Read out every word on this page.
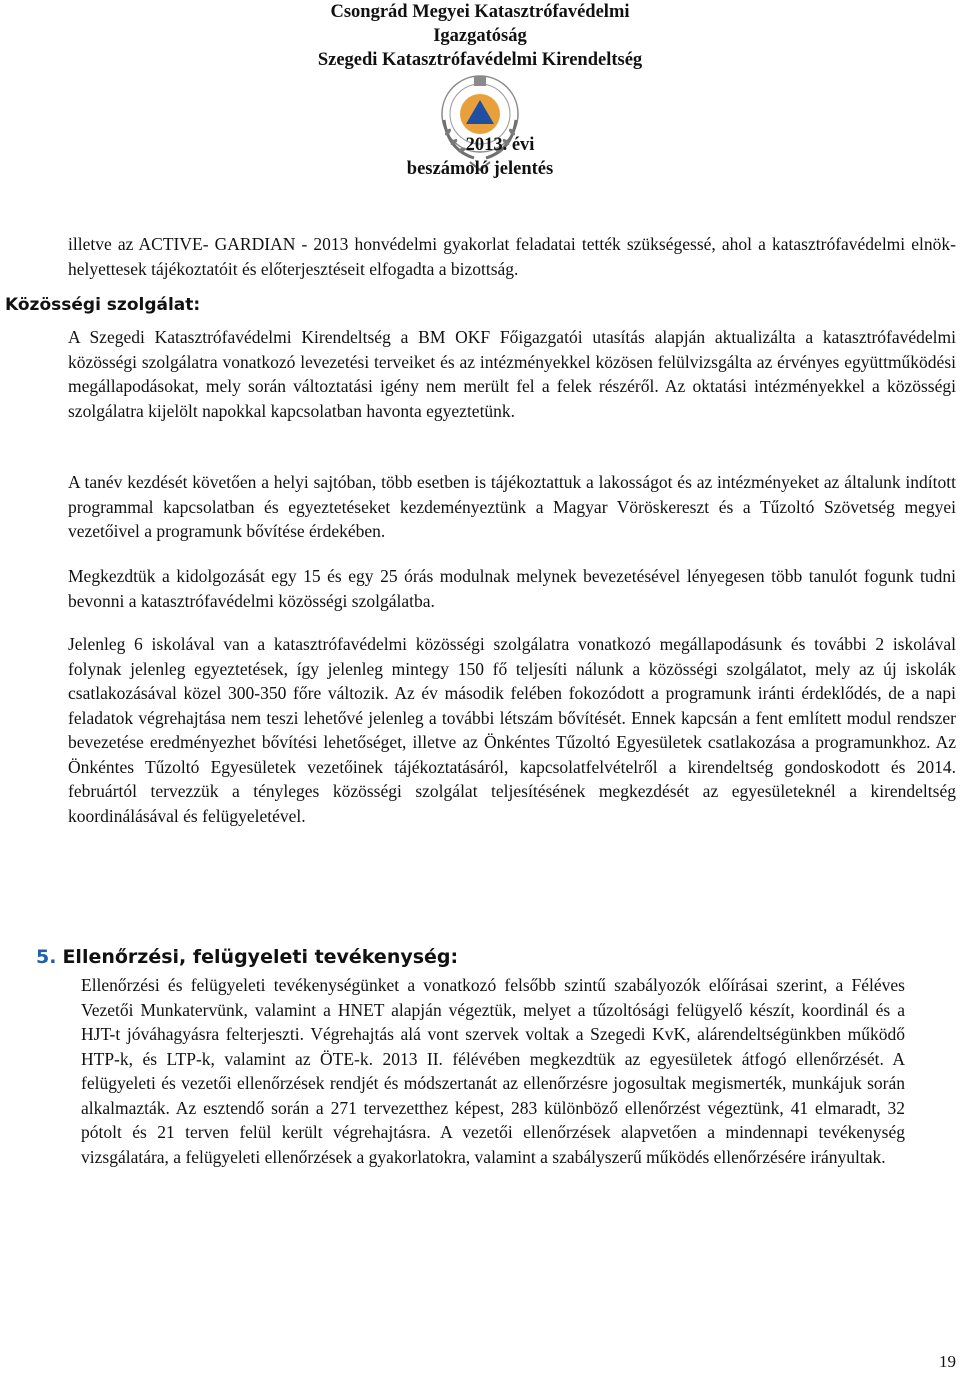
Csongrád Megyei Katasztrófavédelmi
Igazgatóság
Szegedi Katasztrófavédelmi Kirendeltség
2013. évi
beszámoló jelentés

illetve az ACTIVE- GARDIAN - 2013 honvédelmi gyakorlat feladatai tették szükségessé, ahol a katasztrófavédelmi elnök-helyettesek tájékoztatóit és előterjesztéseit elfogadta a bizottság.

Közösségi szolgálat:

A Szegedi Katasztrófavédelmi Kirendeltség a BM OKF Főigazgatói utasítás alapján aktualizálta a katasztrófavédelmi közösségi szolgálatra vonatkozó levezetési terveiket és az intézményekkel közösen felülvizsgálta az érvényes együttműködési megállapodásokat, mely során változtatási igény nem merült fel a felek részéről. Az oktatási intézményekkel a közösségi szolgálatra kijelölt napokkal kapcsolatban havonta egyeztetünk.

A tanév kezdését követően a helyi sajtóban, több esetben is tájékoztattuk a lakosságot és az intézményeket az általunk indított programmal kapcsolatban és egyeztetéseket kezdeményeztünk a Magyar Vöröskereszt és a Tűzoltó Szövetség megyei vezetőivel a programunk bővítése érdekében.

Megkezdtük a kidolgozását egy 15 és egy 25 órás modulnak melynek bevezetésével lényegesen több tanulót fogunk tudni bevonni a katasztrófavédelmi közösségi szolgálatba.

Jelenleg 6 iskolával van a katasztrófavédelmi közösségi szolgálatra vonatkozó megállapodásunk és további 2 iskolával folynak jelenleg egyeztetések, így jelenleg mintegy 150 fő teljesíti nálunk a közösségi szolgálatot, mely az új iskolák csatlakozásával közel 300-350 főre változik. Az év második felében fokozódott a programunk iránti érdeklődés, de a napi feladatok végrehajtása nem teszi lehetővé jelenleg a további létszám bővítését. Ennek kapcsán a fent említett modul rendszer bevezetése eredményezhet bővítési lehetőséget, illetve az Önkéntes Tűzoltó Egyesületek csatlakozása a programunkhoz. Az Önkéntes Tűzoltó Egyesületek vezetőinek tájékoztatásáról, kapcsolatfelvételről a kirendeltség gondoskodott és 2014. februártól tervezzük a tényleges közösségi szolgálat teljesítésének megkezdését az egyesületeknél a kirendeltség koordinálásával és felügyeletével.

5. Ellenőrzési, felügyeleti tevékenység:

Ellenőrzési és felügyeleti tevékenységünket a vonatkozó felsőbb szintű szabályozók előírásai szerint, a Féléves Vezetői Munkatervünk, valamint a HNET alapján végeztük, melyet a tűzoltósági felügyelő készít, koordinál és a HJT-t jóváhagyásra felterjeszti. Végrehajtás alá vont szervek voltak a Szegedi KvK, alárendeltségünkben működő HTP-k, és LTP-k, valamint az ÖTE-k. 2013 II. félévében megkezdtük az egyesületek átfogó ellenőrzését. A felügyeleti és vezetői ellenőrzések rendjét és módszertanát az ellenőrzésre jogosultak megismerték, munkájuk során alkalmazták. Az esztendő során a 271 tervezetthez képest, 283 különböző ellenőrzést végeztünk, 41 elmaradt, 32 pótolt és 21 terven felül került végrehajtásra. A vezetői ellenőrzések alapvetően a mindennapi tevékenység vizsgálatára, a felügyeleti ellenőrzések a gyakorlatokra, valamint a szabályszerű működés ellenőrzésére irányultak.

19
